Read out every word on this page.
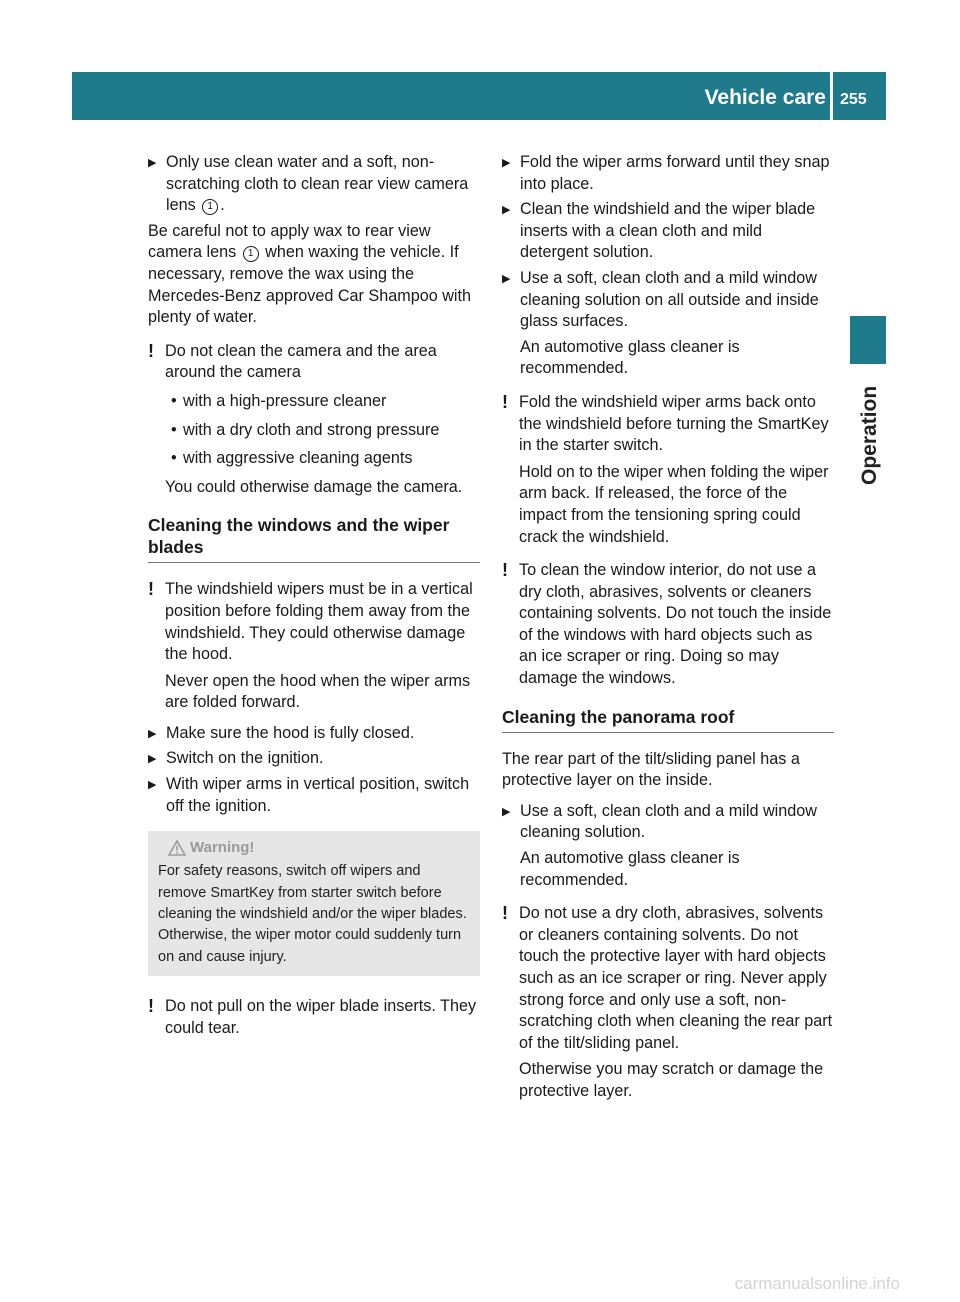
Vehicle care 255
Operation
▶ Only use clean water and a soft, non-scratching cloth to clean rear view camera lens 1 .

Be careful not to apply wax to rear view camera lens 1 when waxing the vehicle. If necessary, remove the wax using the Mercedes-Benz approved Car Shampoo with plenty of water.

! Do not clean the camera and the area around the camera

• with a high-pressure cleaner
• with a dry cloth and strong pressure
• with aggressive cleaning agents

You could otherwise damage the camera.

Cleaning the windows and the wiper blades
! The windshield wipers must be in a vertical position before folding them away from the windshield. They could otherwise damage the hood.

Never open the hood when the wiper arms are folded forward.

▶ Make sure the hood is fully closed.
▶ Switch on the ignition.
▶ With wiper arms in vertical position, switch off the ignition.
Warning!
For safety reasons, switch off wipers and remove SmartKey from starter switch before cleaning the windshield and/or the wiper blades. Otherwise, the wiper motor could suddenly turn on and cause injury.
! Do not pull on the wiper blade inserts. They could tear.

▶ Fold the wiper arms forward until they snap into place.
▶ Clean the windshield and the wiper blade inserts with a clean cloth and mild detergent solution.
▶ Use a soft, clean cloth and a mild window cleaning solution on all outside and inside glass surfaces.

An automotive glass cleaner is recommended.

! Fold the windshield wiper arms back onto the windshield before turning the SmartKey in the starter switch.

Hold on to the wiper when folding the wiper arm back. If released, the force of the impact from the tensioning spring could crack the windshield.

! To clean the window interior, do not use a dry cloth, abrasives, solvents or cleaners containing solvents. Do not touch the inside of the windows with hard objects such as an ice scraper or ring. Doing so may damage the windows.

Cleaning the panorama roof

The rear part of the tilt/sliding panel has a protective layer on the inside.

▶ Use a soft, clean cloth and a mild window cleaning solution.

An automotive glass cleaner is recommended.

! Do not use a dry cloth, abrasives, solvents or cleaners containing solvents. Do not touch the protective layer with hard objects such as an ice scraper or ring. Never apply strong force and only use a soft, non-scratching cloth when cleaning the rear part of the tilt/sliding panel.

Otherwise you may scratch or damage the protective layer.

carmanualsonline.info
